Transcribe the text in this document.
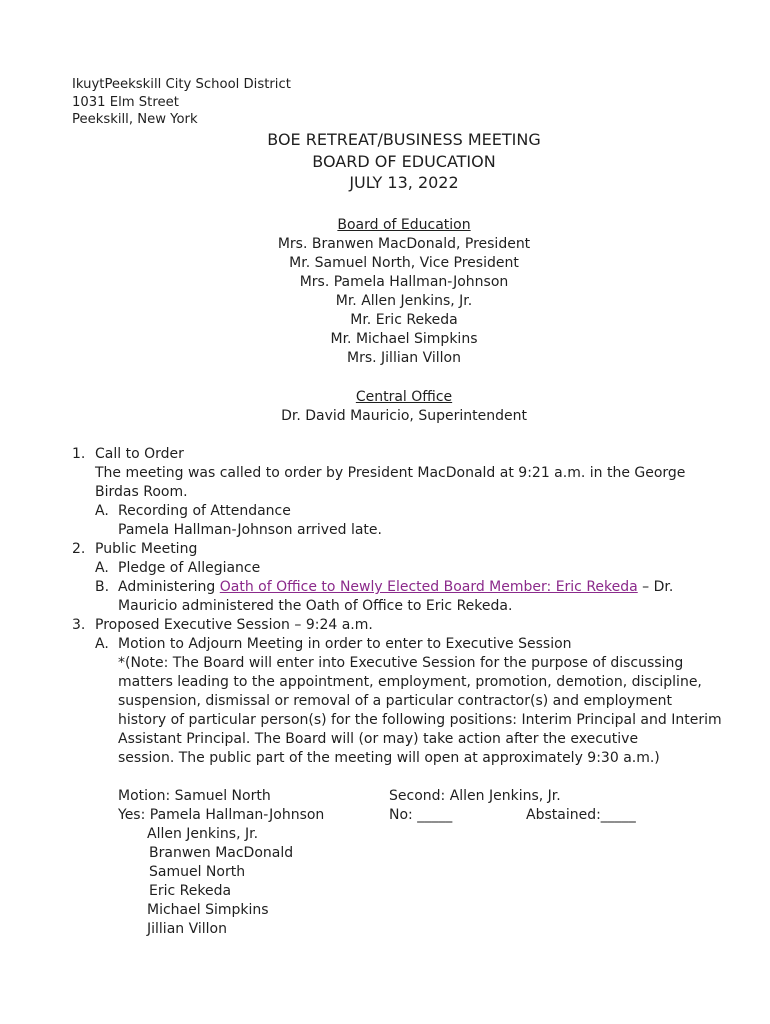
IkuytPeekskill City School District
1031 Elm Street
Peekskill, New York
BOE RETREAT/BUSINESS MEETING
BOARD OF EDUCATION
JULY 13, 2022
Board of Education
Mrs. Branwen MacDonald, President
Mr. Samuel North, Vice President
Mrs. Pamela Hallman-Johnson
Mr. Allen Jenkins, Jr.
Mr. Eric Rekeda
Mr. Michael Simpkins
Mrs. Jillian Villon
Central Office
Dr. David Mauricio, Superintendent
1. Call to Order
The meeting was called to order by President MacDonald at 9:21 a.m. in the George
Birdas Room.
A. Recording of Attendance
Pamela Hallman-Johnson arrived late.
2. Public Meeting
A. Pledge of Allegiance
B. Administering Oath of Office to Newly Elected Board Member: Eric Rekeda – Dr.
Mauricio administered the Oath of Office to Eric Rekeda.
3. Proposed Executive Session – 9:24 a.m.
A. Motion to Adjourn Meeting in order to enter to Executive Session
*(Note: The Board will enter into Executive Session for the purpose of discussing
matters leading to the appointment, employment, promotion, demotion, discipline,
suspension, dismissal or removal of a particular contractor(s) and employment
history of particular person(s) for the following positions: Interim Principal and Interim
Assistant Principal. The Board will (or may) take action after the executive
session. The public part of the meeting will open at approximately 9:30 a.m.)
Motion: Samuel North	Second: Allen Jenkins, Jr.
Yes: Pamela Hallman-Johnson	No: _____	Abstained:_____
Allen Jenkins, Jr.
Branwen MacDonald
Samuel North
Eric Rekeda
Michael Simpkins
Jillian Villon
